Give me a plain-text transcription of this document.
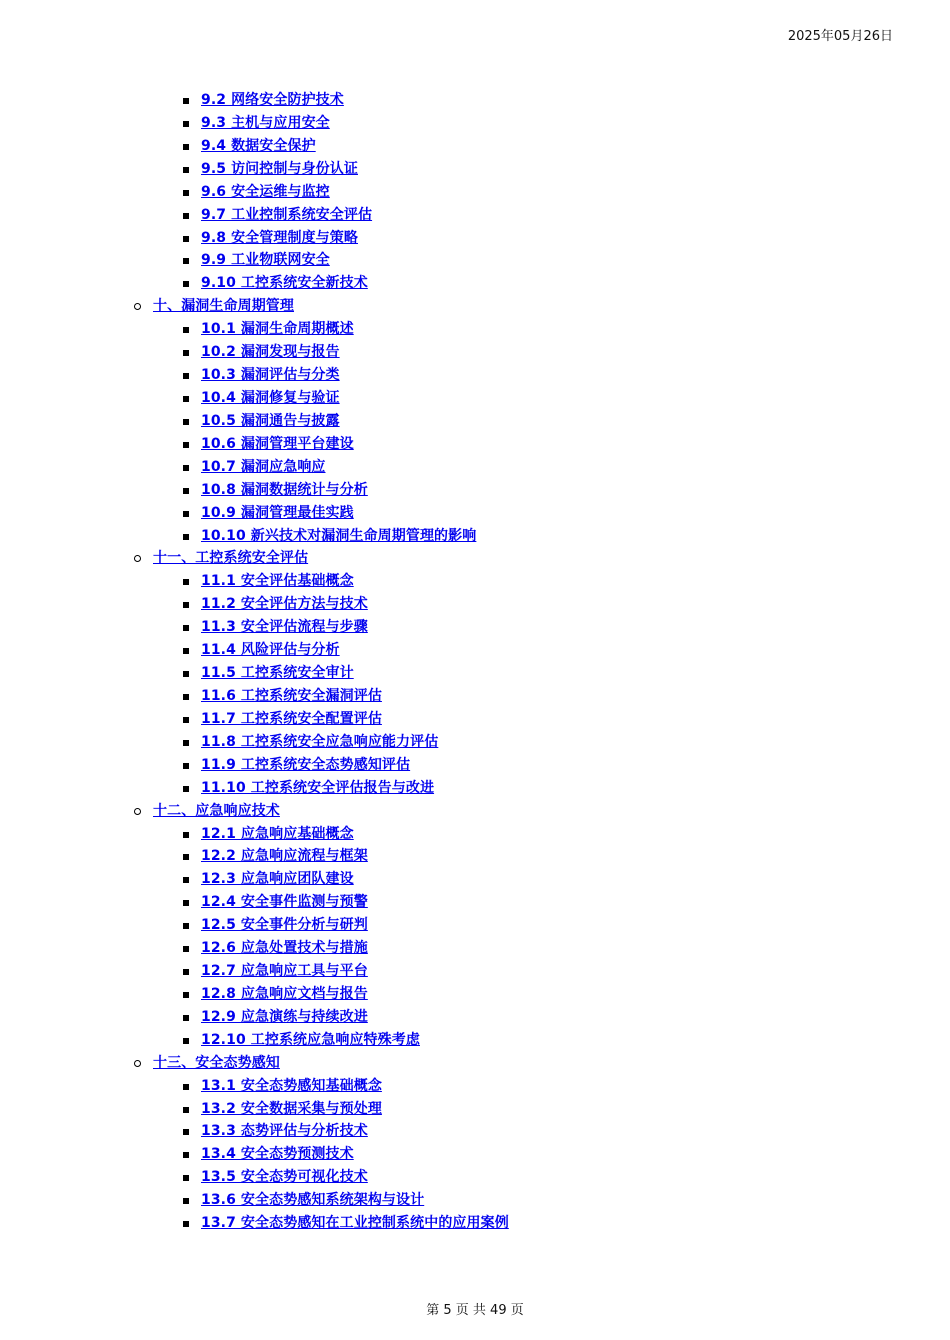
2025年05月26日
9.2 网络安全防护技术
9.3 主机与应用安全
9.4 数据安全保护
9.5 访问控制与身份认证
9.6 安全运维与监控
9.7 工业控制系统安全评估
9.8 安全管理制度与策略
9.9 工业物联网安全
9.10 工控系统安全新技术
十、漏洞生命周期管理
10.1 漏洞生命周期概述
10.2 漏洞发现与报告
10.3 漏洞评估与分类
10.4 漏洞修复与验证
10.5 漏洞通告与披露
10.6 漏洞管理平台建设
10.7 漏洞应急响应
10.8 漏洞数据统计与分析
10.9 漏洞管理最佳实践
10.10 新兴技术对漏洞生命周期管理的影响
十一、工控系统安全评估
11.1 安全评估基础概念
11.2 安全评估方法与技术
11.3 安全评估流程与步骤
11.4 风险评估与分析
11.5 工控系统安全审计
11.6 工控系统安全漏洞评估
11.7 工控系统安全配置评估
11.8 工控系统安全应急响应能力评估
11.9 工控系统安全态势感知评估
11.10 工控系统安全评估报告与改进
十二、应急响应技术
12.1 应急响应基础概念
12.2 应急响应流程与框架
12.3 应急响应团队建设
12.4 安全事件监测与预警
12.5 安全事件分析与研判
12.6 应急处置技术与措施
12.7 应急响应工具与平台
12.8 应急响应文档与报告
12.9 应急演练与持续改进
12.10 工控系统应急响应特殊考虑
十三、安全态势感知
13.1 安全态势感知基础概念
13.2 安全数据采集与预处理
13.3 态势评估与分析技术
13.4 安全态势预测技术
13.5 安全态势可视化技术
13.6 安全态势感知系统架构与设计
13.7 安全态势感知在工业控制系统中的应用案例
第 5 页 共 49 页
